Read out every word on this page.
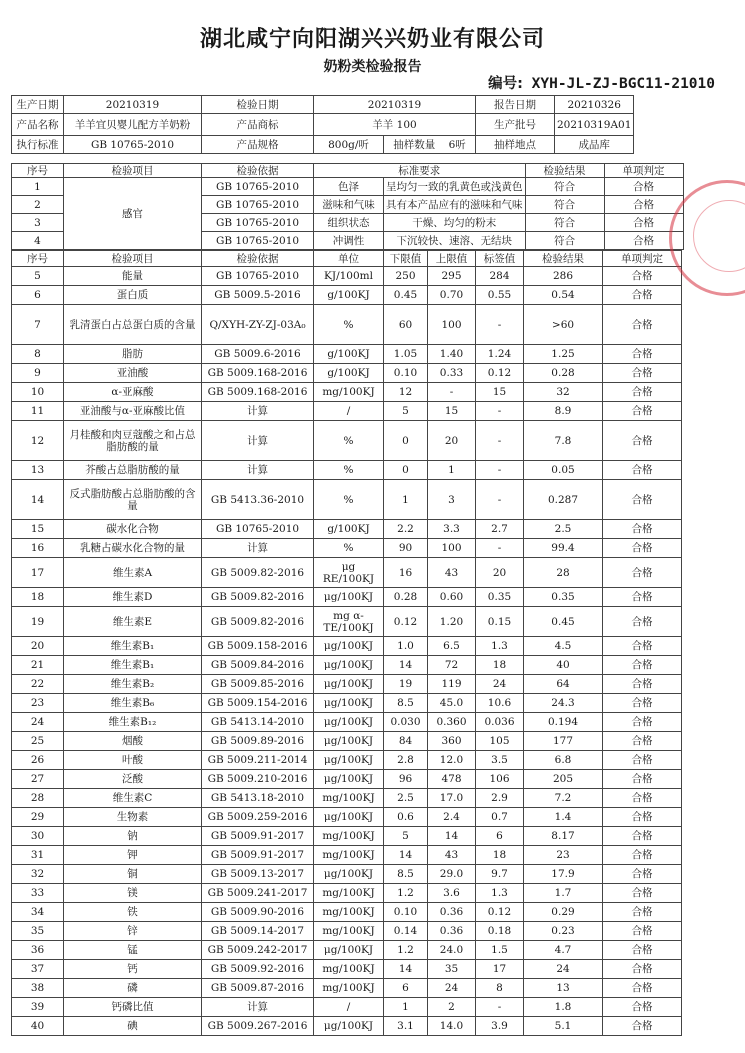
湖北咸宁向阳湖兴兴奶业有限公司
奶粉类检验报告
编号: XYH-JL-ZJ-BGC11-21010
生产日期	20210319	检验日期	20210319		报告日期	20210326
产品名称	羊羊宜贝婴儿配方羊奶粉	产品商标	羊羊 100		生产批号	20210319A01
执行标准	GB 10765-2010	产品规格	800g/听	抽样数量 6听	抽样地点	成品库
序号	检验项目	检验依据	标准要求		检验结果	单项判定
1	感官	GB 10765-2010	色泽	呈均匀一致的乳黄色或浅黄色	符合	合格
2		GB 10765-2010	滋味和气味	具有本产品应有的滋味和气味	符合	合格
3		GB 10765-2010	组织状态	干燥、均匀的粉末	符合	合格
4		GB 10765-2010	冲调性	下沉较快、速溶、无结块	符合	合格
序号	检验项目	检验依据	单位	下限值	上限值	标签值	检验结果	单项判定
5	能量	GB 10765-2010	KJ/100ml	250	295	284	286	合格
6	蛋白质	GB 5009.5-2016	g/100KJ	0.45	0.70	0.55	0.54	合格
7	乳清蛋白占总蛋白质的含量	Q/XYH-ZY-ZJ-03A₀	%	60	100	-	>60	合格
8	脂肪	GB 5009.6-2016	g/100KJ	1.05	1.40	1.24	1.25	合格
9	亚油酸	GB 5009.168-2016	g/100KJ	0.10	0.33	0.12	0.28	合格
10	α-亚麻酸	GB 5009.168-2016	mg/100KJ	12	-	15	32	合格
11	亚油酸与α-亚麻酸比值	计算	/	5	15	-	8.9	合格
12	月桂酸和肉豆蔻酸之和占总脂肪酸的量	计算	%	0	20	-	7.8	合格
13	芥酸占总脂肪酸的量	计算	%	0	1	-	0.05	合格
14	反式脂肪酸占总脂肪酸的含量	GB 5413.36-2010	%	1	3	-	0.287	合格
15	碳水化合物	GB 10765-2010	g/100KJ	2.2	3.3	2.7	2.5	合格
16	乳糖占碳水化合物的量	计算	%	90	100	-	99.4	合格
17	维生素A	GB 5009.82-2016	μg RE/100KJ	16	43	20	28	合格
18	维生素D	GB 5009.82-2016	μg/100KJ	0.28	0.60	0.35	0.35	合格
19	维生素E	GB 5009.82-2016	mg α-TE/100KJ	0.12	1.20	0.15	0.45	合格
20	维生素B₁	GB 5009.158-2016	μg/100KJ	1.0	6.5	1.3	4.5	合格
21	维生素B₁	GB 5009.84-2016	μg/100KJ	14	72	18	40	合格
22	维生素B₂	GB 5009.85-2016	μg/100KJ	19	119	24	64	合格
23	维生素B₆	GB 5009.154-2016	μg/100KJ	8.5	45.0	10.6	24.3	合格
24	维生素B₁₂	GB 5413.14-2010	μg/100KJ	0.030	0.360	0.036	0.194	合格
25	烟酸	GB 5009.89-2016	μg/100KJ	84	360	105	177	合格
26	叶酸	GB 5009.211-2014	μg/100KJ	2.8	12.0	3.5	6.8	合格
27	泛酸	GB 5009.210-2016	μg/100KJ	96	478	106	205	合格
28	维生素C	GB 5413.18-2010	mg/100KJ	2.5	17.0	2.9	7.2	合格
29	生物素	GB 5009.259-2016	μg/100KJ	0.6	2.4	0.7	1.4	合格
30	钠	GB 5009.91-2017	mg/100KJ	5	14	6	8.17	合格
31	钾	GB 5009.91-2017	mg/100KJ	14	43	18	23	合格
32	铜	GB 5009.13-2017	μg/100KJ	8.5	29.0	9.7	17.9	合格
33	镁	GB 5009.241-2017	mg/100KJ	1.2	3.6	1.3	1.7	合格
34	铁	GB 5009.90-2016	mg/100KJ	0.10	0.36	0.12	0.29	合格
35	锌	GB 5009.14-2017	mg/100KJ	0.14	0.36	0.18	0.23	合格
36	锰	GB 5009.242-2017	μg/100KJ	1.2	24.0	1.5	4.7	合格
37	钙	GB 5009.92-2016	mg/100KJ	14	35	17	24	合格
38	磷	GB 5009.87-2016	mg/100KJ	6	24	8	13	合格
39	钙磷比值	计算	/	1	2	-	1.8	合格
40	碘	GB 5009.267-2016	μg/100KJ	3.1	14.0	3.9	5.1	合格
